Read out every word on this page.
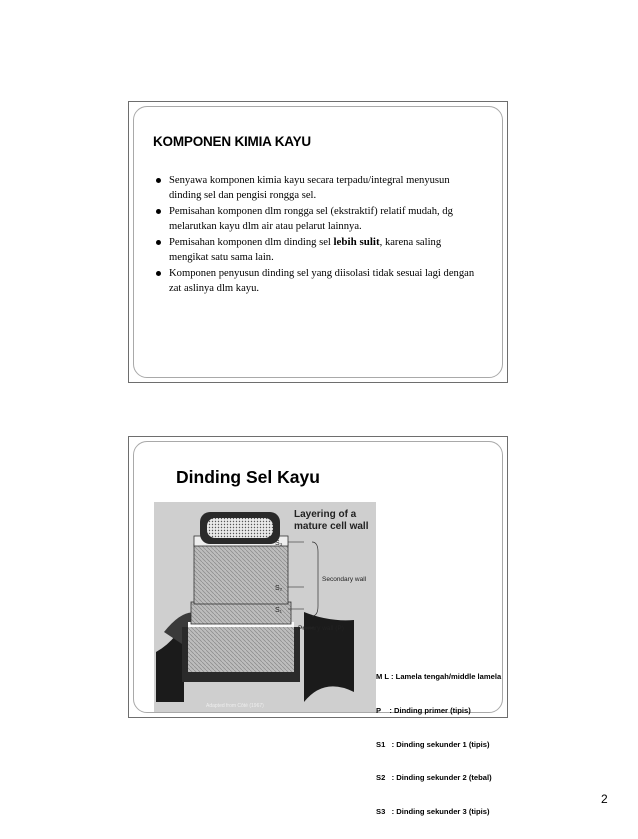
KOMPONEN KIMIA KAYU
Senyawa komponen kimia kayu secara terpadu/integral menyusun dinding sel dan pengisi rongga sel.
Pemisahan komponen dlm rongga sel (ekstraktif) relatif mudah, dg melarutkan kayu dlm air atau pelarut lainnya.
Pemisahan komponen dlm dinding sel lebih sulit, karena saling mengikat satu sama lain.
Komponen penyusun dinding sel yang diisolasi tidak sesuai lagi dengan zat aslinya dlm kayu.
Dinding Sel Kayu
Layering of a
mature cell wall
S₃
S₂
S₁
Secondary wall
Primary wall (P)
Adapted from Côté (1967)

M L : Lamela tengah/middle lamela

P    : Dinding primer (tipis)

S1   : Dinding sekunder 1 (tipis)

S2   : Dinding sekunder 2 (tebal)

S3   : Dinding sekunder 3 (tipis)

2
